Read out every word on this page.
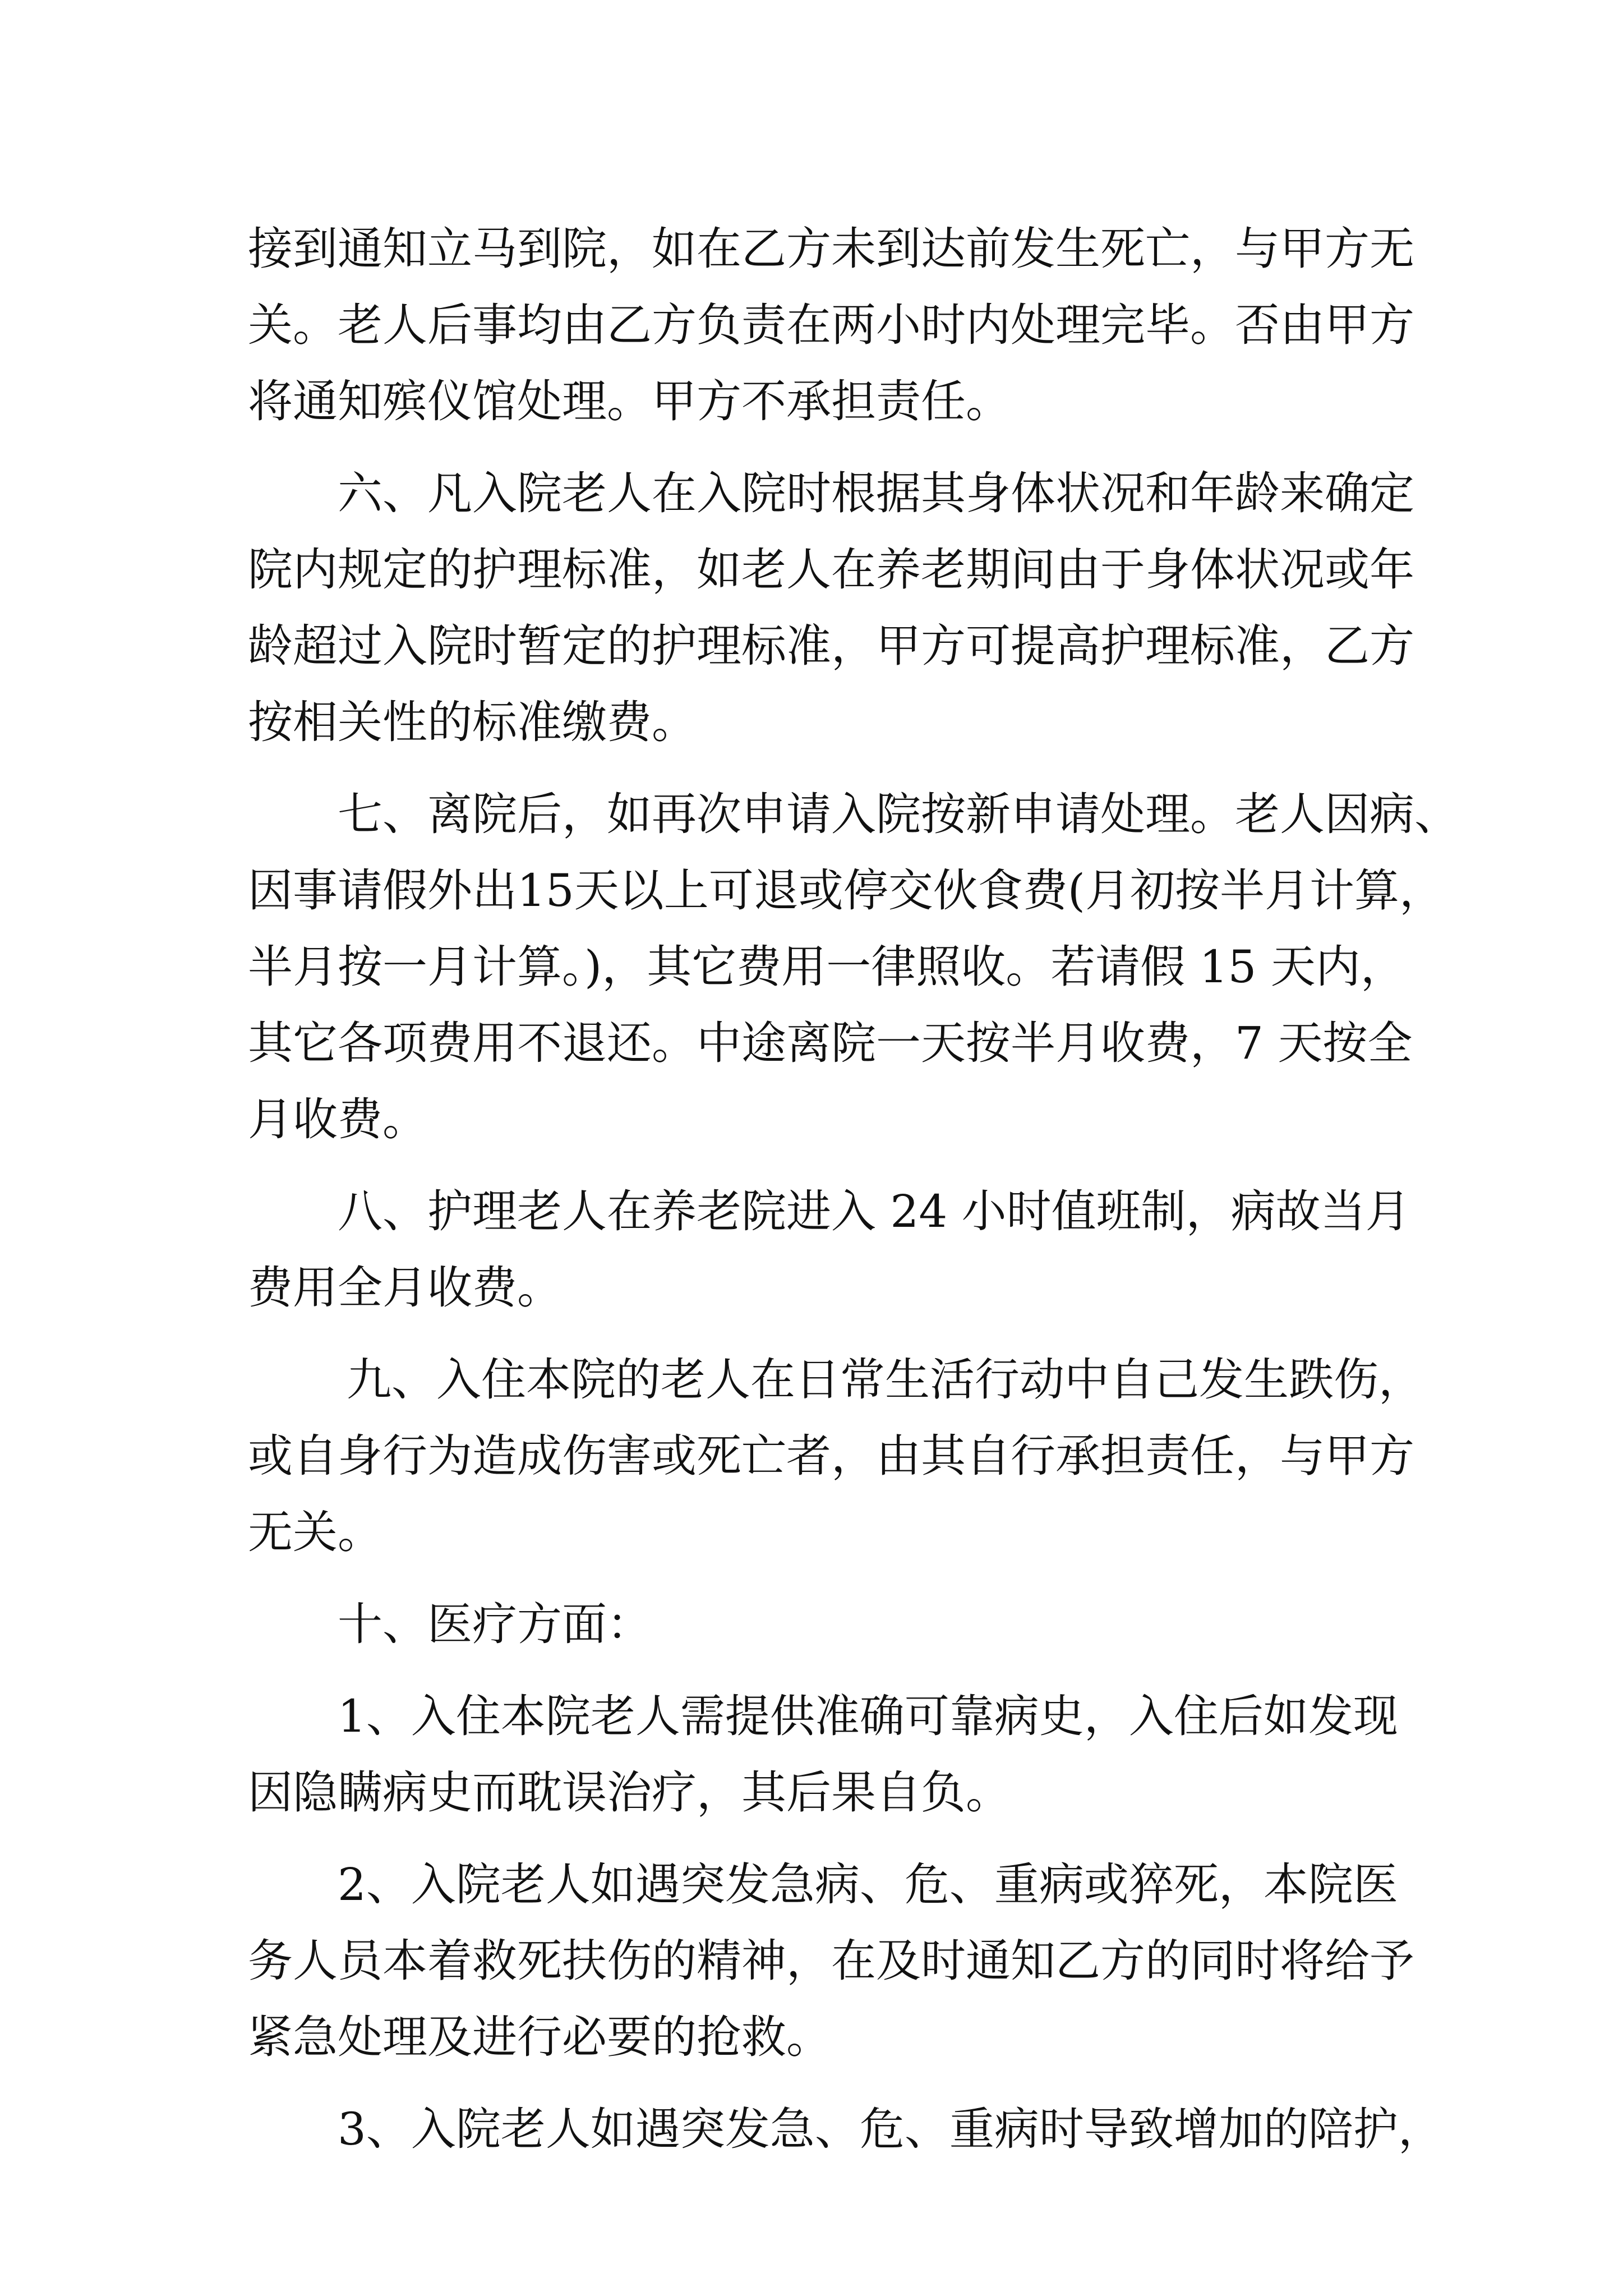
接到通知立马到院，如在乙方未到达前发生死亡，与甲方无
关。老人后事均由乙方负责在两小时内处理完毕。否由甲方
将通知殡仪馆处理。甲方不承担责任。
六、凡入院老人在入院时根据其身体状况和年龄来确定
院内规定的护理标准，如老人在养老期间由于身体状况或年
龄超过入院时暂定的护理标准，甲方可提高护理标准，乙方
按相关性的标准缴费。
七、离院后，如再次申请入院按新申请处理。老人因病、
因事请假外出15天以上可退或停交伙食费(月初按半月计算，
半月按一月计算。)，其它费用一律照收。若请假 15 天内，
其它各项费用不退还。中途离院一天按半月收费，7 天按全
月收费。
八、护理老人在养老院进入 24 小时值班制，病故当月
费用全月收费。
九、入住本院的老人在日常生活行动中自己发生跌伤，
或自身行为造成伤害或死亡者，由其自行承担责任，与甲方
无关。
十、医疗方面：
1、入住本院老人需提供准确可靠病史，入住后如发现
因隐瞒病史而耽误治疗，其后果自负。
2、入院老人如遇突发急病、危、重病或猝死，本院医
务人员本着救死扶伤的精神，在及时通知乙方的同时将给予
紧急处理及进行必要的抢救。
3、入院老人如遇突发急、危、重病时导致增加的陪护，
